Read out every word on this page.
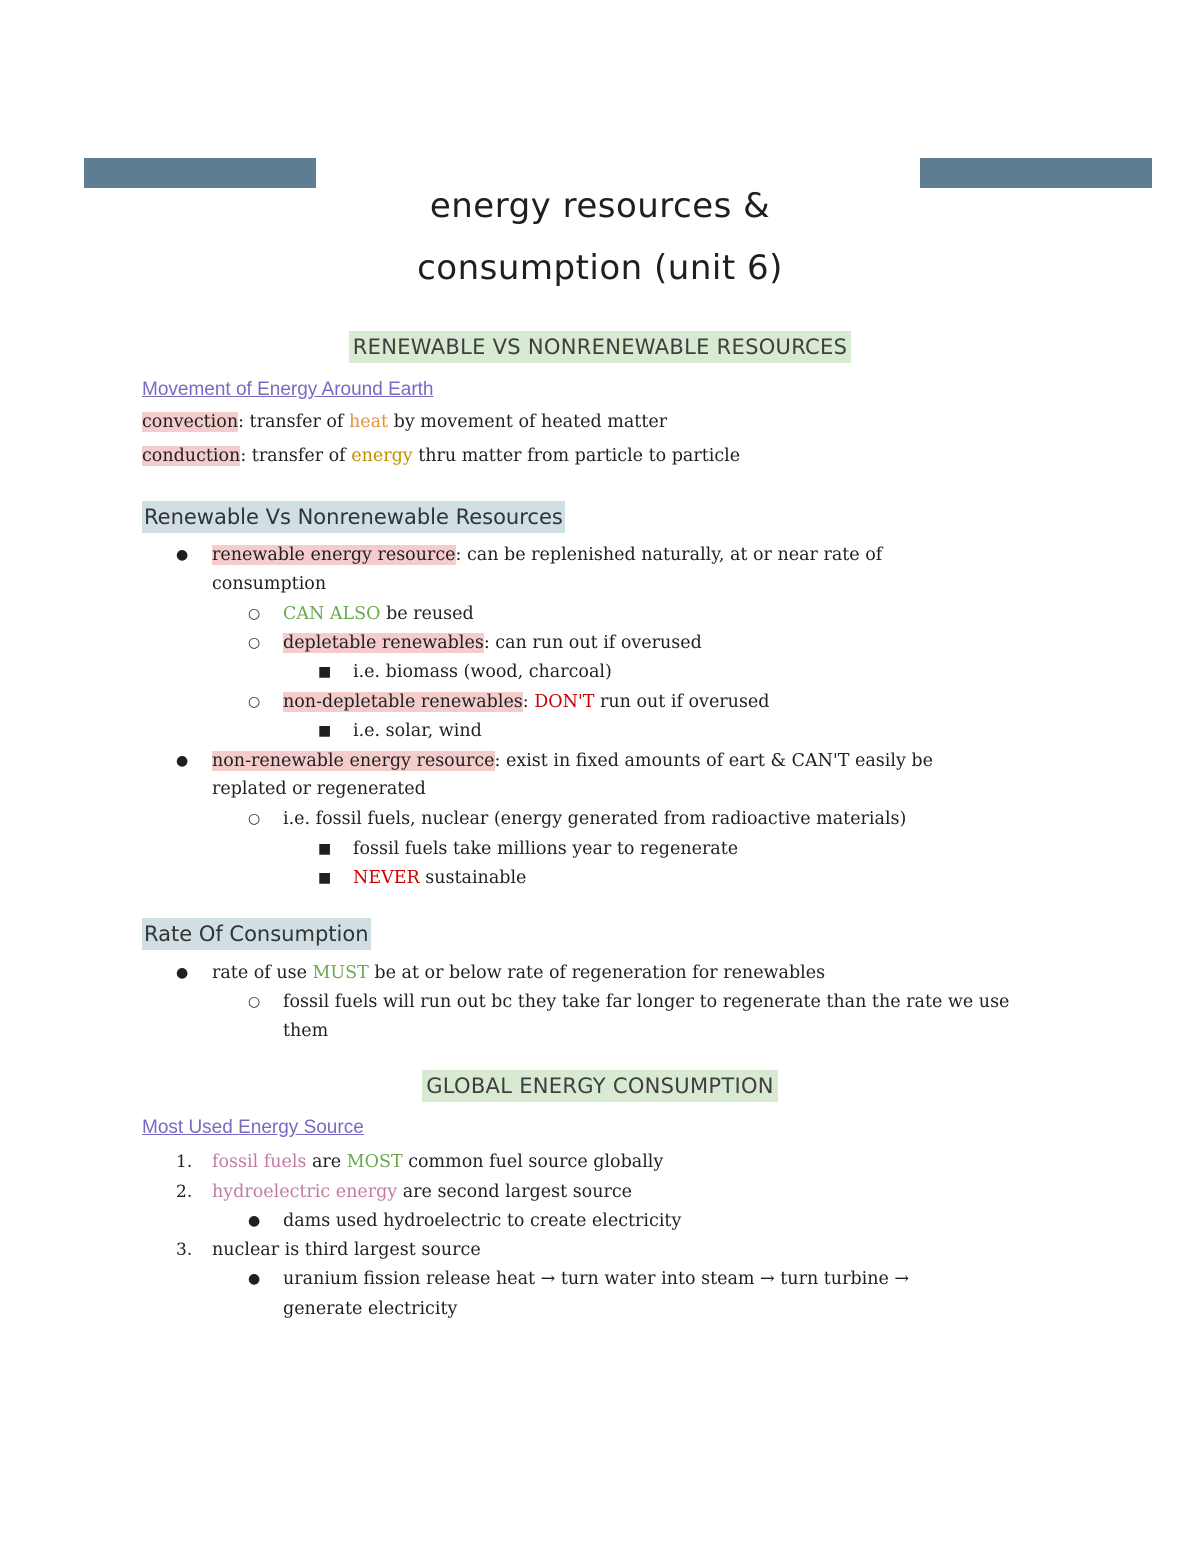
energy resources &
consumption (unit 6)
RENEWABLE VS NONRENEWABLE RESOURCES
Movement of Energy Around Earth
convection: transfer of heat by movement of heated matter
conduction: transfer of energy thru matter from particle to particle
Renewable Vs Nonrenewable Resources
● renewable energy resource: can be replenished naturally, at or near rate of
consumption
○ CAN ALSO be reused
○ depletable renewables: can run out if overused
■ i.e. biomass (wood, charcoal)
○ non-depletable renewables: DON'T run out if overused
■ i.e. solar, wind
● non-renewable energy resource: exist in fixed amounts of eart & CAN'T easily be
replated or regenerated
○ i.e. fossil fuels, nuclear (energy generated from radioactive materials)
■ fossil fuels take millions year to regenerate
■ NEVER sustainable
Rate Of Consumption
● rate of use MUST be at or below rate of regeneration for renewables
○ fossil fuels will run out bc they take far longer to regenerate than the rate we use
them
GLOBAL ENERGY CONSUMPTION
Most Used Energy Source
1. fossil fuels are MOST common fuel source globally
2. hydroelectric energy are second largest source
● dams used hydroelectric to create electricity
3. nuclear is third largest source
● uranium fission release heat → turn water into steam → turn turbine →
generate electricity
